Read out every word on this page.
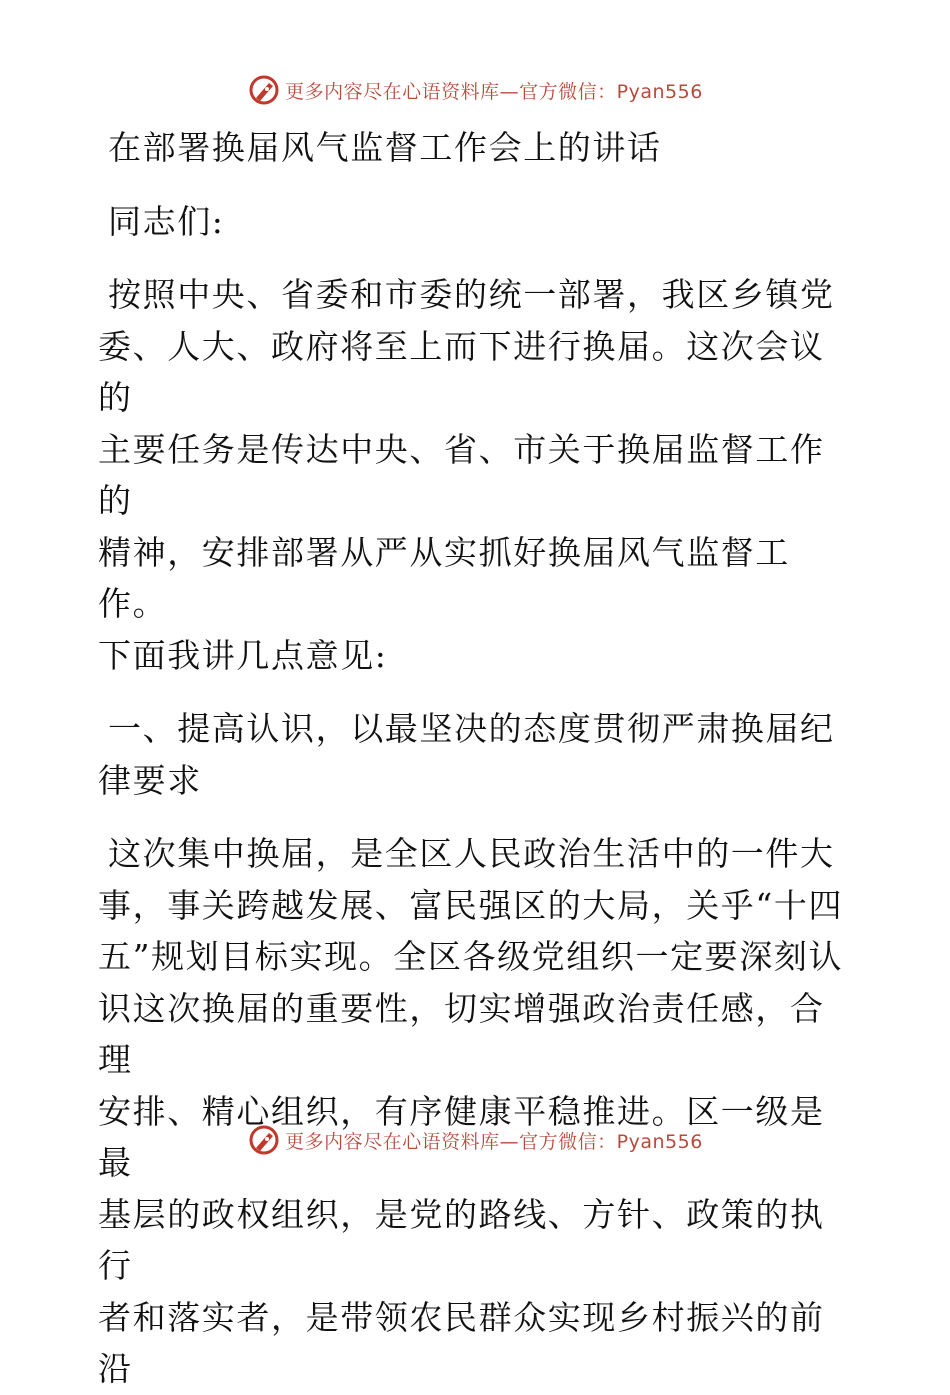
更多内容尽在心语资料库—官方微信：Pyan556

在部署换届风气监督工作会上的讲话

同志们:

按照中央、省委和市委的统一部署，我区乡镇党

委、人大、政府将至上而下进行换届。这次会议的

主要任务是传达中央、省、市关于换届监督工作的

精神，安排部署从严从实抓好换届风气监督工作。

下面我讲几点意见:

一、提高认识，以最坚决的态度贯彻严肃换届纪

律要求

这次集中换届，是全区人民政治生活中的一件大

事，事关跨越发展、富民强区的大局，关乎“十四

五”规划目标实现。全区各级党组织一定要深刻认

识这次换届的重要性，切实增强政治责任感，合理

安排、精心组织，有序健康平稳推进。区一级是最

基层的政权组织，是党的路线、方针、政策的执行

者和落实者，是带领农民群众实现乡村振兴的前沿

更多内容尽在心语资料库—官方微信：Pyan556
